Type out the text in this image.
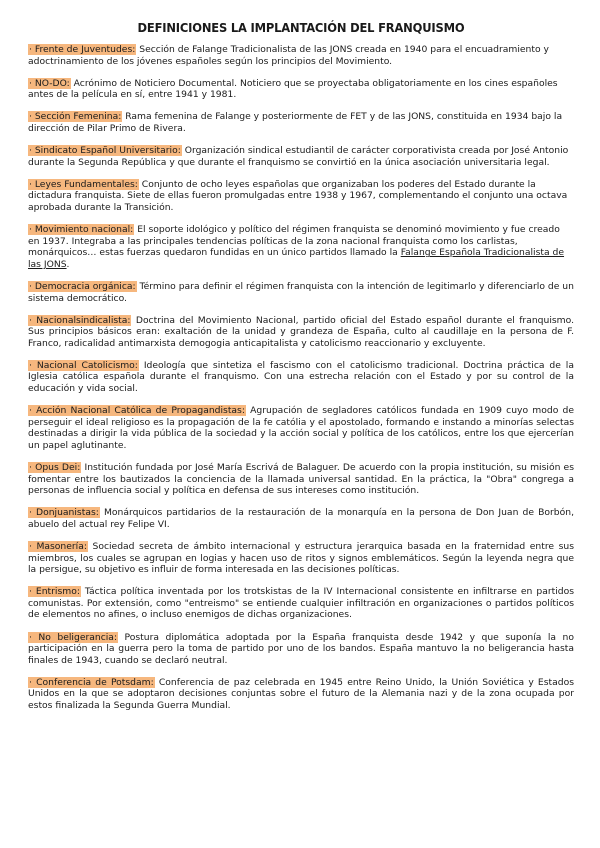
DEFINICIONES LA IMPLANTACIÓN DEL FRANQUISMO
· Frente de Juventudes: Sección de Falange Tradicionalista de las JONS creada en 1940 para el encuadramiento y adoctrinamiento de los jóvenes españoles según los principios del Movimiento.
· NO-DO: Acrónimo de Noticiero Documental. Noticiero que se proyectaba obligatoriamente en los cines españoles antes de la película en sí, entre 1941 y 1981.
· Sección Femenina: Rama femenina de Falange y posteriormente de FET y de las JONS, constituida en 1934 bajo la dirección de Pilar Primo de Rivera.
· Sindicato Español Universitario: Organización sindical estudiantil de carácter corporativista creada por José Antonio durante la Segunda República y que durante el franquismo se convirtió en la única asociación universitaria legal.
· Leyes Fundamentales: Conjunto de ocho leyes españolas que organizaban los poderes del Estado durante la dictadura franquista. Siete de ellas fueron promulgadas entre 1938 y 1967, complementando el conjunto una octava aprobada durante la Transición.
· Movimiento nacional: El soporte idológico y político del régimen franquista se denominó movimiento y fue creado en 1937. Integraba a las principales tendencias políticas de la zona nacional franquista como los carlistas, monárquicos… estas fuerzas quedaron fundidas en un único partidos llamado la Falange Española Tradicionalista de las JONS.
· Democracia orgánica: Término para definir el régimen franquista con la intención de legitimarlo y diferenciarlo de un sistema democrático.
· Nacionalsindicalista: Doctrina del Movimiento Nacional, partido oficial del Estado español durante el franquismo. Sus principios básicos eran: exaltación de la unidad y grandeza de España, culto al caudillaje en la persona de F. Franco, radicalidad antimarxista demogogia anticapitalista y catolicismo reaccionario y excluyente.
· Nacional Catolicismo: Ideología que sintetiza el fascismo con el catolicismo tradicional. Doctrina práctica de la Iglesia católica española durante el franquismo. Con una estrecha relación con el Estado y por su control de la educación y vida social.
· Acción Nacional Católica de Propagandistas: Agrupación de segladores católicos fundada en 1909 cuyo modo de perseguir el ideal religioso es la propagación de la fe católia y el apostolado, formando e instando a minorías selectas destinadas a dirigir la vida pública de la sociedad y la acción social y política de los católicos, entre los que ejercerían un papel aglutinante.
· Opus Dei: Institución fundada por José María Escrivá de Balaguer. De acuerdo con la propia institución, su misión es fomentar entre los bautizados la conciencia de la llamada universal santidad. En la práctica, la "Obra" congrega a personas de influencia social y política en defensa de sus intereses como institución.
· Donjuanistas: Monárquicos partidarios de la restauración de la monarquía en la persona de Don Juan de Borbón, abuelo del actual rey Felipe VI.
· Masonería: Sociedad secreta de ámbito internacional y estructura jerarquica basada en la fraternidad entre sus miembros, los cuales se agrupan en logias y hacen uso de ritos y signos emblemáticos. Según la leyenda negra que la persigue, su objetivo es influir de forma interesada en las decisiones políticas.
· Entrismo: Táctica política inventada por los trotskistas de la IV Internacional consistente en infiltrarse en partidos comunistas. Por extensión, como "entreismo" se entiende cualquier infiltración en organizaciones o partidos políticos de elementos no afines, o incluso enemigos de dichas organizaciones.
· No beligerancia: Postura diplomática adoptada por la España franquista desde 1942 y que suponía la no participación en la guerra pero la toma de partido por uno de los bandos. España mantuvo la no beligerancia hasta finales de 1943, cuando se declaró neutral.
· Conferencia de Potsdam: Conferencia de paz celebrada en 1945 entre Reino Unido, la Unión Soviética y Estados Unidos en la que se adoptaron decisiones conjuntas sobre el futuro de la Alemania nazi y de la zona ocupada por estos finalizada la Segunda Guerra Mundial.
